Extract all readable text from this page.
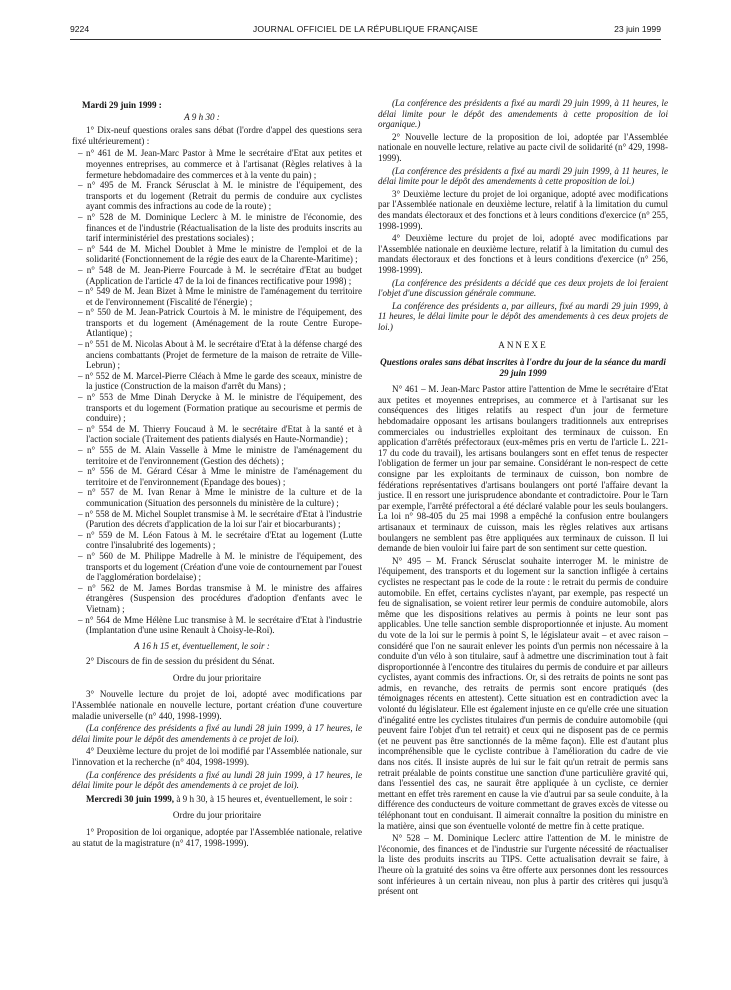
9224	JOURNAL OFFICIEL DE LA RÉPUBLIQUE FRANÇAISE	23 juin 1999

Mardi 29 juin 1999 :

A 9 h 30 :

1° Dix-neuf questions orales sans débat (l'ordre d'appel des questions sera fixé ultérieurement) :

– n° 461 de M. Jean-Marc Pastor à Mme le secrétaire d'Etat aux petites et moyennes entreprises, au commerce et à l'artisanat (Règles relatives à la fermeture hebdomadaire des commerces et à la vente du pain) ;

– n° 495 de M. Franck Sérusclat à M. le ministre de l'équipement, des transports et du logement (Retrait du permis de conduire aux cyclistes ayant commis des infractions au code de la route) ;

– n° 528 de M. Dominique Leclerc à M. le ministre de l'économie, des finances et de l'industrie (Réactualisation de la liste des produits inscrits au tarif interministériel des prestations sociales) ;

– n° 544 de M. Michel Doublet à Mme le ministre de l'emploi et de la solidarité (Fonctionnement de la régie des eaux de la Charente-Maritime) ;

– n° 548 de M. Jean-Pierre Fourcade à M. le secrétaire d'Etat au budget (Application de l'article 47 de la loi de finances rectificative pour 1998) ;

– n° 549 de M. Jean Bizet à Mme le ministre de l'aménagement du territoire et de l'environnement (Fiscalité de l'énergie) ;

– n° 550 de M. Jean-Patrick Courtois à M. le ministre de l'équipement, des transports et du logement (Aménagement de la route Centre Europe-Atlantique) ;

– n° 551 de M. Nicolas About à M. le secrétaire d'Etat à la défense chargé des anciens combattants (Projet de fermeture de la maison de retraite de Ville-Lebrun) ;

– n° 552 de M. Marcel-Pierre Cléach à Mme le garde des sceaux, ministre de la justice (Construction de la maison d'arrêt du Mans) ;

– n° 553 de Mme Dinah Derycke à M. le ministre de l'équipement, des transports et du logement (Formation pratique au secourisme et permis de conduire) ;

– n° 554 de M. Thierry Foucaud à M. le secrétaire d'Etat à la santé et à l'action sociale (Traitement des patients dialysés en Haute-Normandie) ;

– n° 555 de M. Alain Vasselle à Mme le ministre de l'aménagement du territoire et de l'environnement (Gestion des déchets) ;

– n° 556 de M. Gérard César à Mme le ministre de l'aménagement du territoire et de l'environnement (Epandage des boues) ;

– n° 557 de M. Ivan Renar à Mme le ministre de la culture et de la communication (Situation des personnels du ministère de la culture) ;

– n° 558 de M. Michel Souplet transmise à M. le secrétaire d'Etat à l'industrie (Parution des décrets d'application de la loi sur l'air et biocarburants) ;

– n° 559 de M. Léon Fatous à M. le secrétaire d'Etat au logement (Lutte contre l'insalubrité des logements) ;

– n° 560 de M. Philippe Madrelle à M. le ministre de l'équipement, des transports et du logement (Création d'une voie de contournement par l'ouest de l'agglomération bordelaise) ;

– n° 562 de M. James Bordas transmise à M. le ministre des affaires étrangères (Suspension des procédures d'adoption d'enfants avec le Vietnam) ;

– n° 564 de Mme Hélène Luc transmise à M. le secrétaire d'Etat à l'industrie (Implantation d'une usine Renault à Choisy-le-Roi).

A 16 h 15 et, éventuellement, le soir :

2° Discours de fin de session du président du Sénat.

Ordre du jour prioritaire

3° Nouvelle lecture du projet de loi, adopté avec modifications par l'Assemblée nationale en nouvelle lecture, portant création d'une couverture maladie universelle (n° 440, 1998-1999).

(La conférence des présidents a fixé au lundi 28 juin 1999, à 17 heures, le délai limite pour le dépôt des amendements à ce projet de loi).

4° Deuxième lecture du projet de loi modifié par l'Assemblée nationale, sur l'innovation et la recherche (n° 404, 1998-1999).

(La conférence des présidents a fixé au lundi 28 juin 1999, à 17 heures, le délai limite pour le dépôt des amendements à ce projet de loi).

Mercredi 30 juin 1999, à 9 h 30, à 15 heures et, éventuellement, le soir :

Ordre du jour prioritaire

1° Proposition de loi organique, adoptée par l'Assemblée nationale, relative au statut de la magistrature (n° 417, 1998-1999).

(La conférence des présidents a fixé au mardi 29 juin 1999, à 11 heures, le délai limite pour le dépôt des amendements à cette proposition de loi organique.)

2° Nouvelle lecture de la proposition de loi, adoptée par l'Assemblée nationale en nouvelle lecture, relative au pacte civil de solidarité (n° 429, 1998-1999).

(La conférence des présidents a fixé au mardi 29 juin 1999, à 11 heures, le délai limite pour le dépôt des amendements à cette proposition de loi.)

3° Deuxième lecture du projet de loi organique, adopté avec modifications par l'Assemblée nationale en deuxième lecture, relatif à la limitation du cumul des mandats électoraux et des fonctions et à leurs conditions d'exercice (n° 255, 1998-1999).

4° Deuxième lecture du projet de loi, adopté avec modifications par l'Assemblée nationale en deuxième lecture, relatif à la limitation du cumul des mandats électoraux et des fonctions et à leurs conditions d'exercice (n° 256, 1998-1999).

(La conférence des présidents a décidé que ces deux projets de loi feraient l'objet d'une discussion générale commune.

La conférence des présidents a, par ailleurs, fixé au mardi 29 juin 1999, à 11 heures, le délai limite pour le dépôt des amendements à ces deux projets de loi.)

ANNEXE

Questions orales sans débat inscrites à l'ordre du jour de la séance du mardi 29 juin 1999

N° 461 – M. Jean-Marc Pastor attire l'attention de Mme le secrétaire d'Etat aux petites et moyennes entreprises, au commerce et à l'artisanat sur les conséquences des litiges relatifs au respect d'un jour de fermeture hebdomadaire opposant les artisans boulangers traditionnels aux entreprises commerciales ou industrielles exploitant des terminaux de cuisson. En application d'arrêtés préfectoraux (eux-mêmes pris en vertu de l'article L. 221-17 du code du travail), les artisans boulangers sont en effet tenus de respecter l'obligation de fermer un jour par semaine. Considérant le non-respect de cette consigne par les exploitants de terminaux de cuisson, bon nombre de fédérations représentatives d'artisans boulangers ont porté l'affaire devant la justice. Il en ressort une jurisprudence abondante et contradictoire. Pour le Tarn par exemple, l'arrêté préfectoral a été déclaré valable pour les seuls boulangers. La loi n° 98-405 du 25 mai 1998 a empêché la confusion entre boulangers artisanaux et terminaux de cuisson, mais les règles relatives aux artisans boulangers ne semblent pas être appliquées aux terminaux de cuisson. Il lui demande de bien vouloir lui faire part de son sentiment sur cette question.

N° 495 – M. Franck Sérusclat souhaite interroger M. le ministre de l'équipement, des transports et du logement sur la sanction infligée à certains cyclistes ne respectant pas le code de la route : le retrait du permis de conduire automobile. En effet, certains cyclistes n'ayant, par exemple, pas respecté un feu de signalisation, se voient retirer leur permis de conduire automobile, alors même que les dispositions relatives au permis à points ne leur sont pas applicables. Une telle sanction semble disproportionnée et injuste. Au moment du vote de la loi sur le permis à point S, le législateur avait – et avec raison – considéré que l'on ne saurait enlever les points d'un permis non nécessaire à la conduite d'un vélo à son titulaire, sauf à admettre une discrimination tout à fait disproportionnée à l'encontre des titulaires du permis de conduire et par ailleurs cyclistes, ayant commis des infractions. Or, si des retraits de points ne sont pas admis, en revanche, des retraits de permis sont encore pratiqués (des témoignages récents en attestent). Cette situation est en contradiction avec la volonté du législateur. Elle est également injuste en ce qu'elle crée une situation d'inégalité entre les cyclistes titulaires d'un permis de conduire automobile (qui peuvent faire l'objet d'un tel retrait) et ceux qui ne disposent pas de ce permis (et ne peuvent pas être sanctionnés de la même façon). Elle est d'autant plus incompréhensible que le cycliste contribue à l'amélioration du cadre de vie dans nos cités. Il insiste auprès de lui sur le fait qu'un retrait de permis sans retrait préalable de points constitue une sanction d'une particulière gravité qui, dans l'essentiel des cas, ne saurait être appliquée à un cycliste, ce dernier mettant en effet très rarement en cause la vie d'autrui par sa seule conduite, à la différence des conducteurs de voiture commettant de graves excès de vitesse ou téléphonant tout en conduisant. Il aimerait connaître la position du ministre en la matière, ainsi que son éventuelle volonté de mettre fin à cette pratique.

N° 528 – M. Dominique Leclerc attire l'attention de M. le ministre de l'économie, des finances et de l'industrie sur l'urgente nécessité de réactualiser la liste des produits inscrits au TIPS. Cette actualisation devrait se faire, à l'heure où la gratuité des soins va être offerte aux personnes dont les ressources sont inférieures à un certain niveau, non plus à partir des critères qui jusqu'à présent ont
